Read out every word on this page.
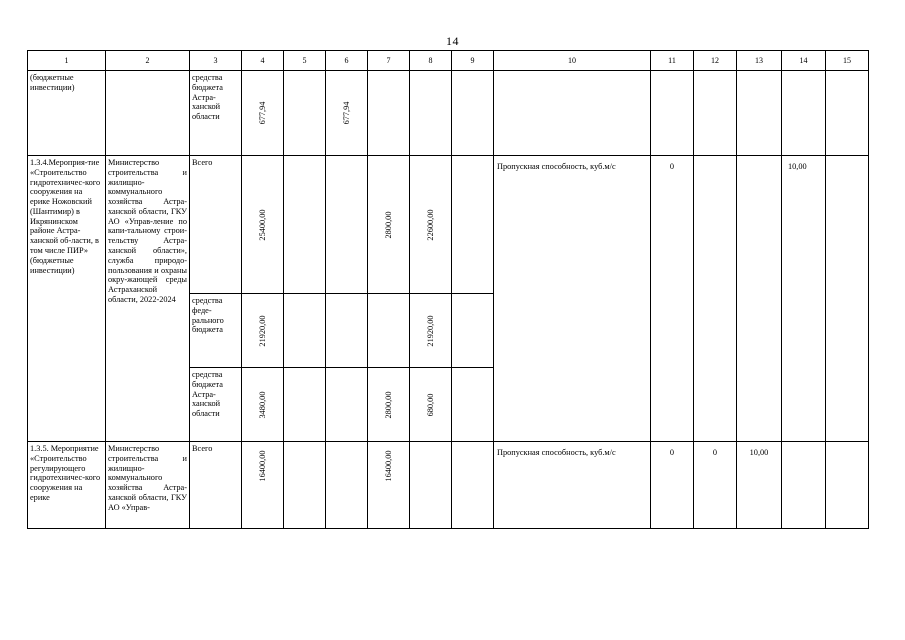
14
1	2	3	4	5	6	7	8	9	10	11	12	13	14	15
(бюджетные инвестиции)		средства бюджета Астра-ханской области	677,94		677,94									

1.3.4.Мероприя-тие «Строительство гидротехничес-кого сооружения на ерике Ножовский (Шантимир) в Икрянинском районе Астра-ханской об-ласти, в том числе ПИР» (бюджетные инвестиции)	Министерство строительства и жилищно-коммунального хозяйства Астра-ханской области, ГКУ АО «Управ-ление по капи-тальному строи-тельству Астра-ханской области», служба природо-пользования и охраны окру-жающей среды Астраханской области, 2022-2024	Всего	25400,00			2800,00	22600,00		Пропускная способность, куб.м/с	0			10,00	
		средства феде-рального бюджета	21920,00				21920,00							

		средства бюджета Астра-ханской области	3480,00			2800,00	680,00							

1.3.5. Мероприятие «Строительство регулирующего гидротехничес-кого сооружения на ерике	Министерство строительства и жилищно-коммунального хозяйства Астра-ханской области, ГКУ АО «Управ-	Всего	16400,00			16400,00			Пропускная способность, куб.м/с	0	0	10,00		
